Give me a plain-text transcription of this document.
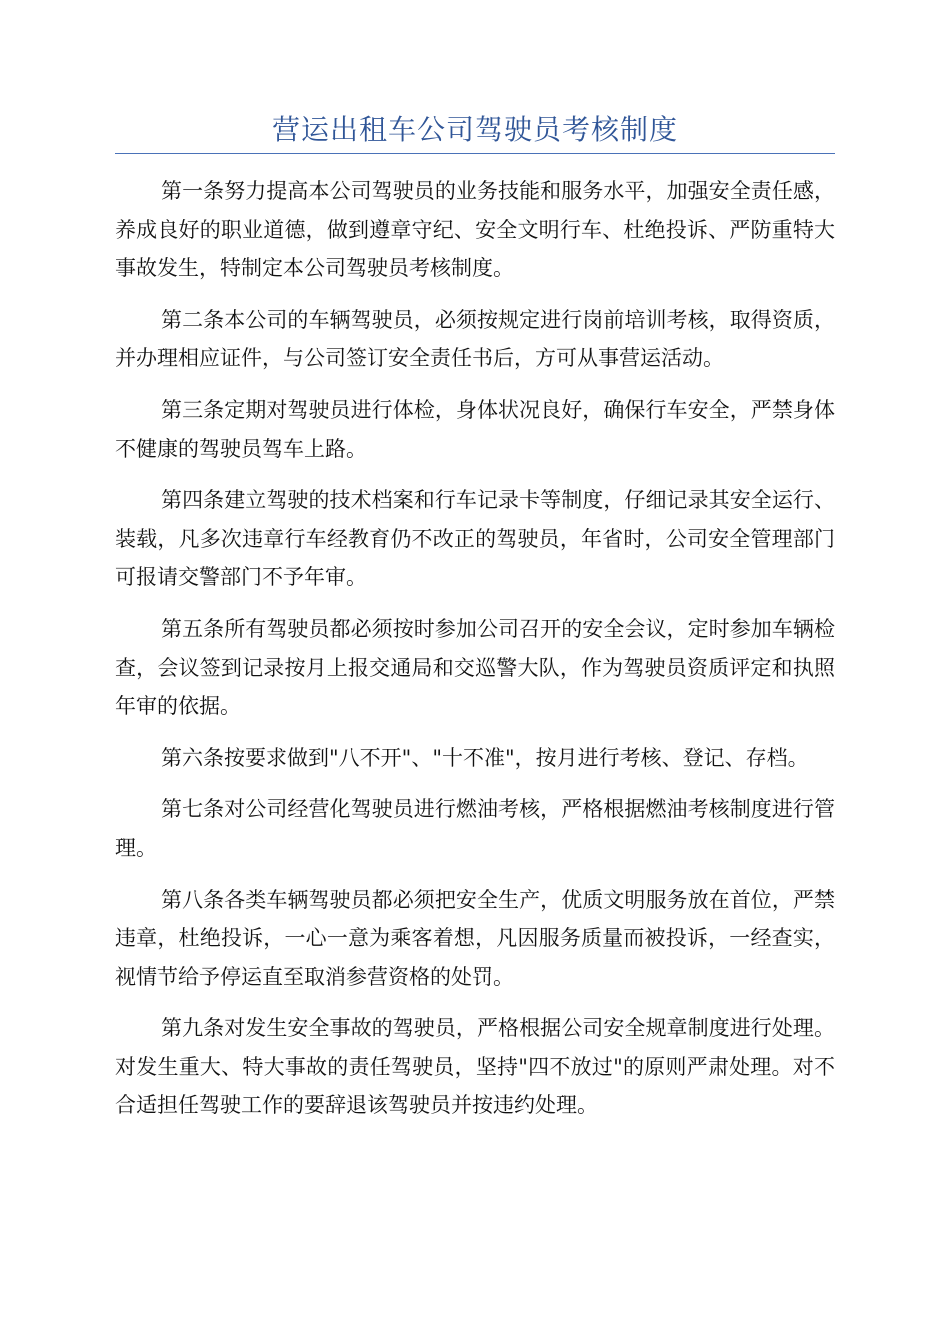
营运出租车公司驾驶员考核制度

第一条努力提高本公司驾驶员的业务技能和服务水平，加强安全责任感，养成良好的职业道德，做到遵章守纪、安全文明行车、杜绝投诉、严防重特大事故发生，特制定本公司驾驶员考核制度。

第二条本公司的车辆驾驶员，必须按规定进行岗前培训考核，取得资质，并办理相应证件，与公司签订安全责任书后，方可从事营运活动。

第三条定期对驾驶员进行体检，身体状况良好，确保行车安全，严禁身体不健康的驾驶员驾车上路。

第四条建立驾驶的技术档案和行车记录卡等制度，仔细记录其安全运行、装载，凡多次违章行车经教育仍不改正的驾驶员，年省时，公司安全管理部门可报请交警部门不予年审。

第五条所有驾驶员都必须按时参加公司召开的安全会议，定时参加车辆检查，会议签到记录按月上报交通局和交巡警大队，作为驾驶员资质评定和执照年审的依据。

第六条按要求做到"八不开"、"十不准"，按月进行考核、登记、存档。

第七条对公司经营化驾驶员进行燃油考核，严格根据燃油考核制度进行管理。

第八条各类车辆驾驶员都必须把安全生产，优质文明服务放在首位，严禁违章，杜绝投诉，一心一意为乘客着想，凡因服务质量而被投诉，一经查实，视情节给予停运直至取消参营资格的处罚。

第九条对发生安全事故的驾驶员，严格根据公司安全规章制度进行处理。对发生重大、特大事故的责任驾驶员，坚持"四不放过"的原则严肃处理。对不合适担任驾驶工作的要辞退该驾驶员并按违约处理。
